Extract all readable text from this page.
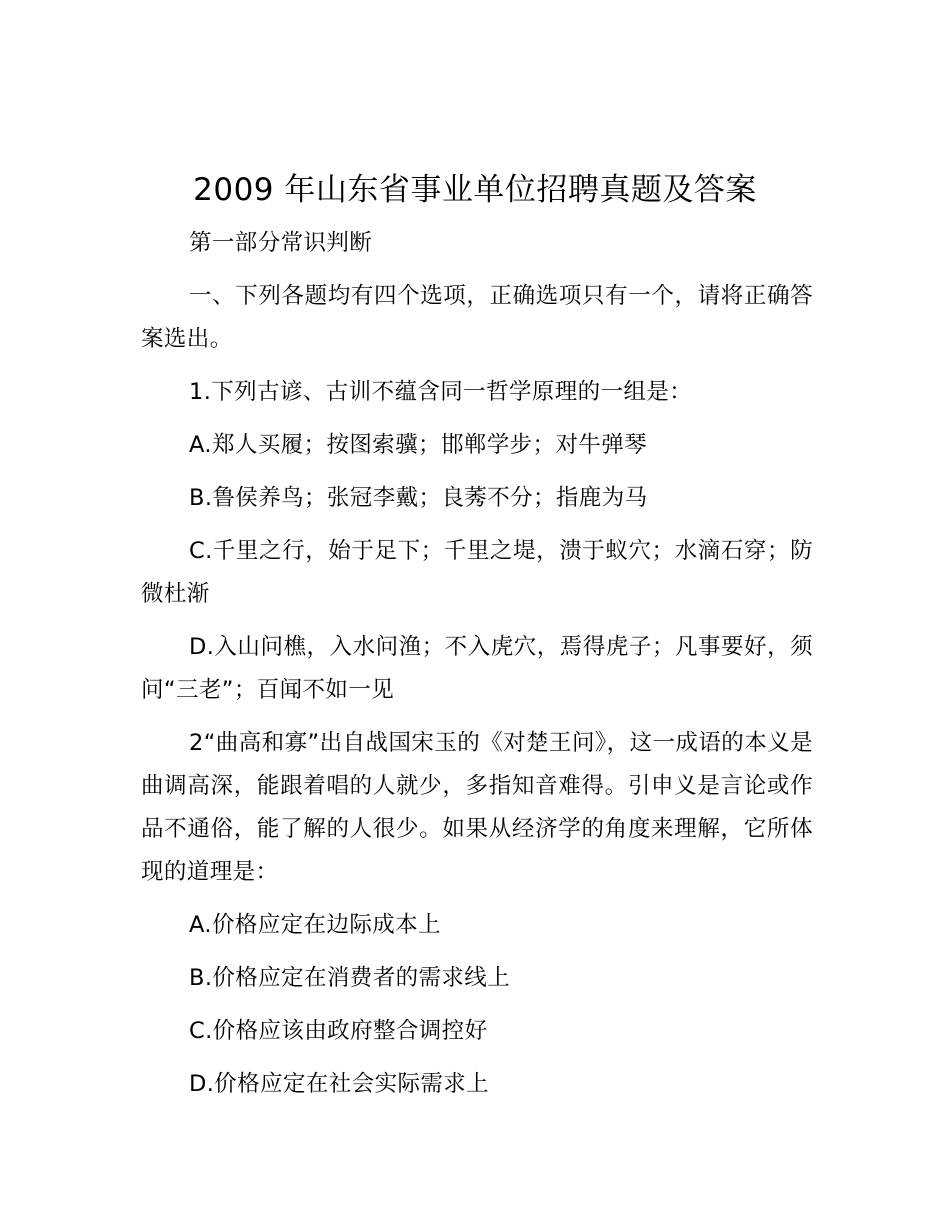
2009 年山东省事业单位招聘真题及答案

第一部分常识判断

一、下列各题均有四个选项，正确选项只有一个，请将正确答案选出。

1.下列古谚、古训不蕴含同一哲学原理的一组是：

A.郑人买履；按图索骥；邯郸学步；对牛弹琴

B.鲁侯养鸟；张冠李戴；良莠不分；指鹿为马

C.千里之行，始于足下；千里之堤，溃于蚁穴；水滴石穿；防微杜渐

D.入山问樵，入水问渔；不入虎穴，焉得虎子；凡事要好，须问“三老”；百闻不如一见

2“曲高和寡”出自战国宋玉的《对楚王问》，这一成语的本义是曲调高深，能跟着唱的人就少，多指知音难得。引申义是言论或作品不通俗，能了解的人很少。如果从经济学的角度来理解，它所体现的道理是：

A.价格应定在边际成本上

B.价格应定在消费者的需求线上

C.价格应该由政府整合调控好

D.价格应定在社会实际需求上
